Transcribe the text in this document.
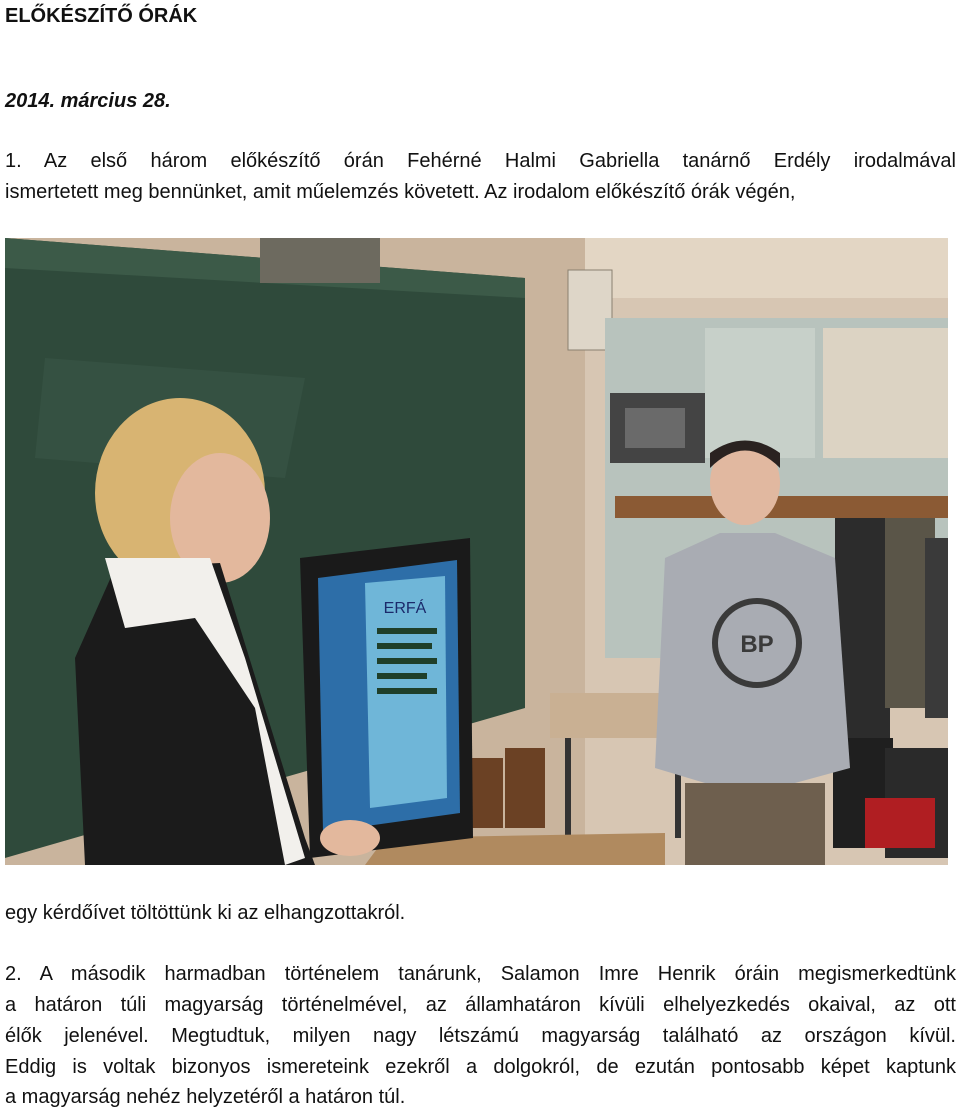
ELŐKÉSZÍTŐ ÓRÁK
2014. március 28.
1. Az első három előkészítő órán Fehérné Halmi Gabriella tanárnő Erdély irodalmával
ismertetett meg bennünket, amit műelemzés követett. Az irodalom előkészítő órák végén,
ERFÁ
BP
egy kérdőívet töltöttünk ki az elhangzottakról.
2. A második harmadban történelem tanárunk, Salamon Imre Henrik óráin megismerkedtünk
a határon túli magyarság történelmével, az államhatáron kívüli elhelyezkedés okaival, az ott
élők jelenével. Megtudtuk, milyen nagy létszámú magyarság található az országon kívül.
Eddig is voltak bizonyos ismereteink ezekről a dolgokról, de ezután pontosabb képet kaptunk
a magyarság nehéz helyzetéről a határon túl.
